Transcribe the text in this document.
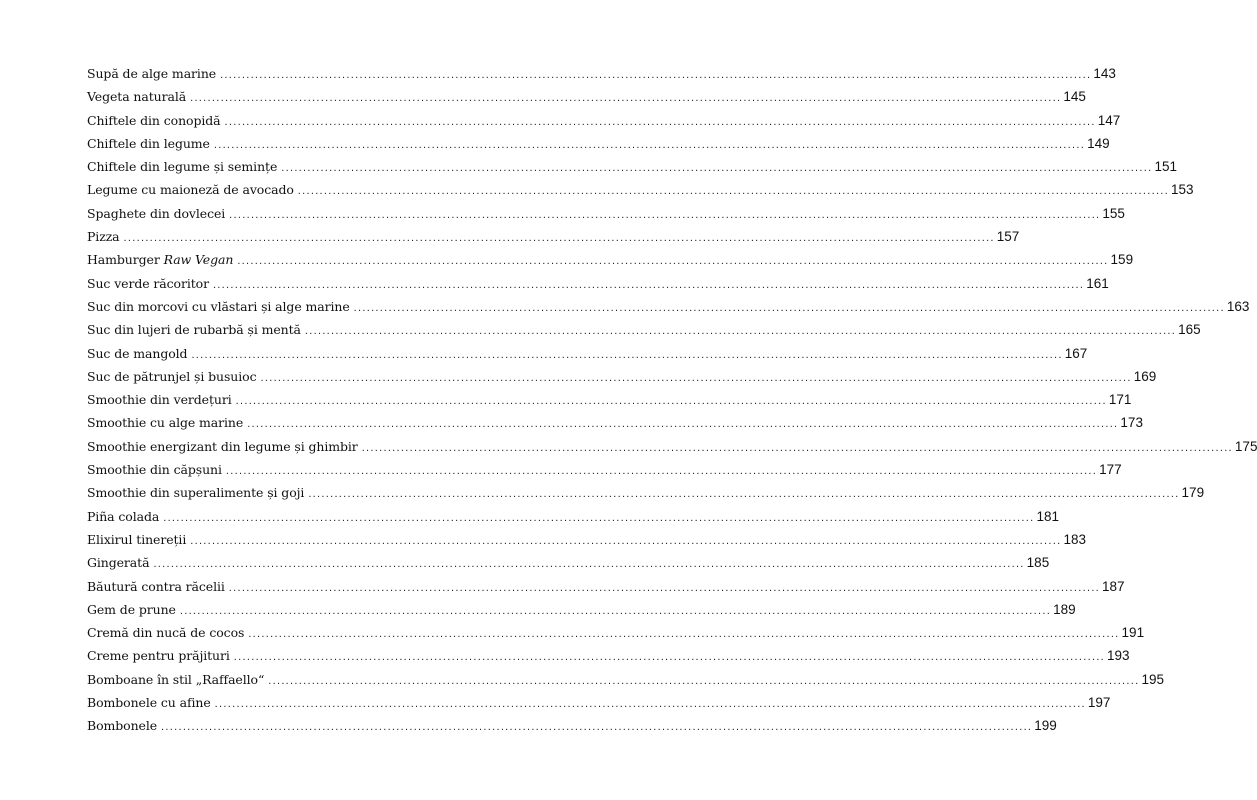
Supă de alge marine ........................................................................................................................................................................................................ 143
Vegeta naturală ........................................................................................................................................................................................................ 145
Chiftele din conopidă ........................................................................................................................................................................................................ 147
Chiftele din legume ........................................................................................................................................................................................................ 149
Chiftele din legume și semințe ........................................................................................................................................................................................................ 151
Legume cu maioneză de avocado ........................................................................................................................................................................................................ 153
Spaghete din dovlecei ........................................................................................................................................................................................................ 155
Pizza ........................................................................................................................................................................................................ 157
Hamburger Raw Vegan ........................................................................................................................................................................................................ 159
Suc verde răcoritor ........................................................................................................................................................................................................ 161
Suc din morcovi cu vlăstari și alge marine ........................................................................................................................................................................................................ 163
Suc din lujeri de rubarbă și mentă ........................................................................................................................................................................................................ 165
Suc de mangold ........................................................................................................................................................................................................ 167
Suc de pătrunjel și busuioc ........................................................................................................................................................................................................ 169
Smoothie din verdețuri ........................................................................................................................................................................................................ 171
Smoothie cu alge marine ........................................................................................................................................................................................................ 173
Smoothie energizant din legume și ghimbir ........................................................................................................................................................................................................ 175
Smoothie din căpșuni ........................................................................................................................................................................................................ 177
Smoothie din superalimente și goji ........................................................................................................................................................................................................ 179
Piña colada ........................................................................................................................................................................................................ 181
Elixirul tinereții ........................................................................................................................................................................................................ 183
Gingerată ........................................................................................................................................................................................................ 185
Băutură contra răcelii ........................................................................................................................................................................................................ 187
Gem de prune ........................................................................................................................................................................................................ 189
Cremă din nucă de cocos ........................................................................................................................................................................................................ 191
Creme pentru prăjituri ........................................................................................................................................................................................................ 193
Bomboane în stil „Raffaello“ ........................................................................................................................................................................................................ 195
Bombonele cu afine ........................................................................................................................................................................................................ 197
Bombonele ........................................................................................................................................................................................................ 199
